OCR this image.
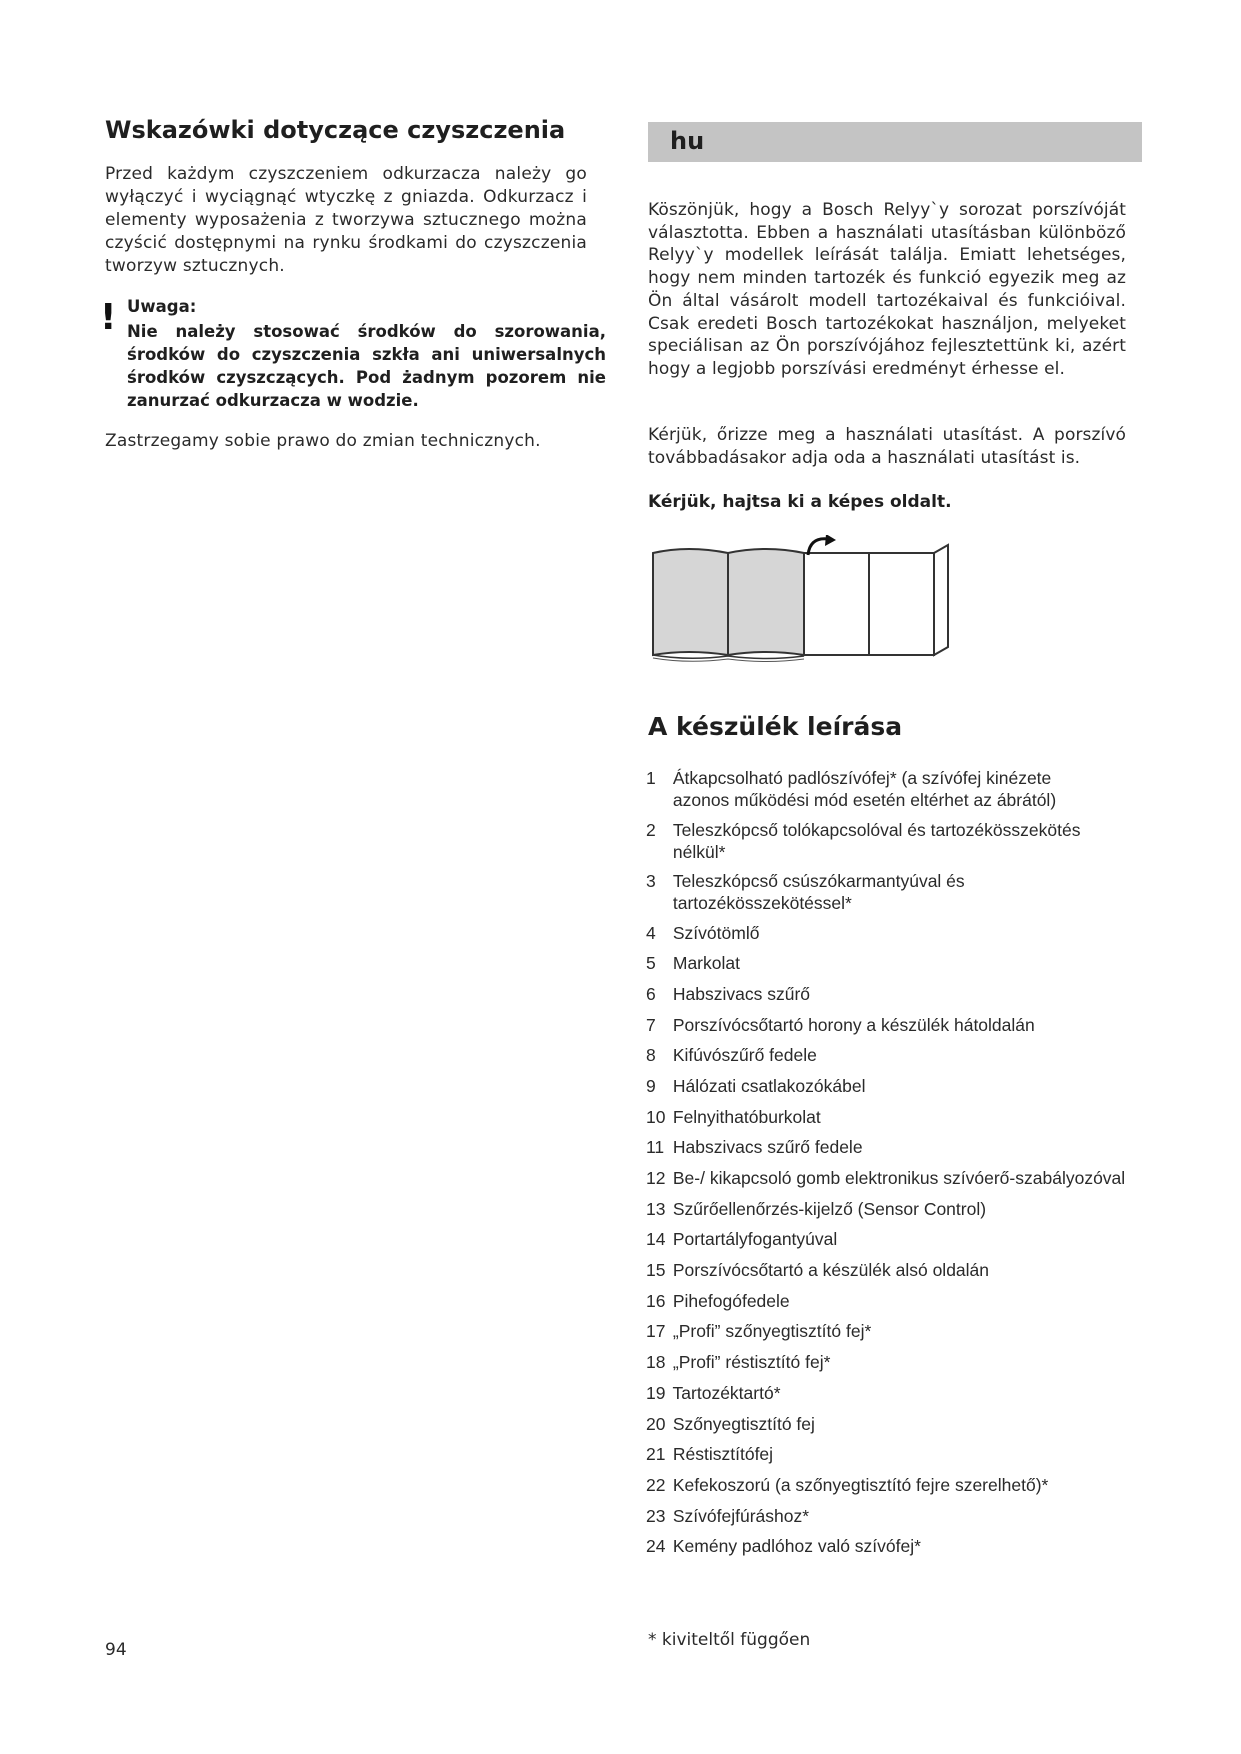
Wskazówki dotyczące czyszczenia

Przed każdym czyszczeniem odkurzacza należy go wyłączyć i wyciągnąć wtyczkę z gniazda. Odkurzacz i elementy wyposażenia z tworzywa sztucznego można czyścić dostępnymi na rynku środkami do czyszczenia tworzyw sztucznych.

! Uwaga:

Nie należy stosować środków do szorowania, środków do czyszczenia szkła ani uniwersalnych środków czyszczących. Pod żadnym pozorem nie zanurzać odkurzacza w wodzie.

Zastrzegamy sobie prawo do zmian technicznych.

hu

Köszönjük, hogy a Bosch Relyy`y sorozat porszívóját választotta. Ebben a használati utasításban különböző Relyy`y modellek leírását találja. Emiatt lehetséges, hogy nem minden tartozék és funkció egyezik meg az Ön által vásárolt modell tartozékaival és funkcióival. Csak eredeti Bosch tartozékokat használjon, melyeket speciálisan az Ön porszívójához fejlesztettünk ki, azért hogy a legjobb porszívási eredményt érhesse el.

Kérjük, őrizze meg a használati utasítást. A porszívó továbbadásakor adja oda a használati utasítást is.

Kérjük, hajtsa ki a képes oldalt.

A készülék leírása
1 Átkapcsolható padlószívófej* (a szívófej kinézete azonos működési mód esetén eltérhet az ábrától)
2 Teleszkópcső tolókapcsolóval és tartozékösszekötés nélkül*
3 Teleszkópcső csúszókarmantyúval és tartozékösszekötéssel*
4 Szívótömlő
5 Markolat
6 Habszivacs szűrő
7 Porszívócsőtartó horony a készülék hátoldalán
8 Kifúvószűrő fedele
9 Hálózati csatlakozókábel
10 Felnyithatóburkolat
11 Habszivacs szűrő fedele
12 Be-/ kikapcsoló gomb elektronikus szívóerő-szabályozóval
13 Szűrőellenőrzés-kijelző (Sensor Control)
14 Portartályfogantyúval
15 Porszívócsőtartó a készülék alsó oldalán
16 Pihefogófedele
17 „Profi” szőnyegtisztító fej*
18 „Profi” réstisztító fej*
19 Tartozéktartó*
20 Szőnyegtisztító fej
21 Réstisztítófej
22 Kefekoszorú (a szőnyegtisztító fejre szerelhető)*
23 Szívófejfúráshoz*
24 Kemény padlóhoz való szívófej*

* kiviteltől függően

94
